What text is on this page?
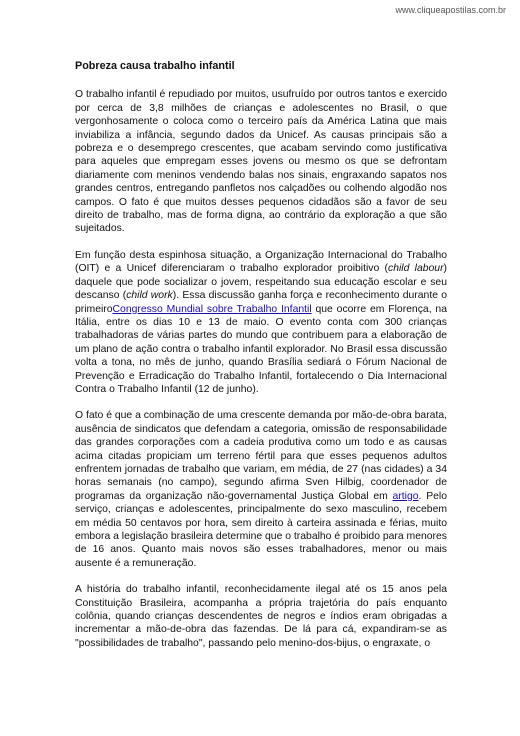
www.cliqueapostilas.com.br
Pobreza causa trabalho infantil

O trabalho infantil é repudiado por muitos, usufruído por outros tantos e exercido por cerca de 3,8 milhões de crianças e adolescentes no Brasil, o que vergonhosamente o coloca como o terceiro país da América Latina que mais inviabiliza a infância, segundo dados da Unicef. As causas principais são a pobreza e o desemprego crescentes, que acabam servindo como justificativa para aqueles que empregam esses jovens ou mesmo os que se defrontam diariamente com meninos vendendo balas nos sinais, engraxando sapatos nos grandes centros, entregando panfletos nos calçadões ou colhendo algodão nos campos. O fato é que muitos desses pequenos cidadãos são a favor de seu direito de trabalho, mas de forma digna, ao contrário da exploração a que são sujeitados.

Em função desta espinhosa situação, a Organização Internacional do Trabalho (OIT) e a Unicef diferenciaram o trabalho explorador proibitivo (child labour) daquele que pode socializar o jovem, respeitando sua educação escolar e seu descanso (child work). Essa discussão ganha força e reconhecimento durante o primeiroCongresso Mundial sobre Trabalho Infantil que ocorre em Florença, na Itália, entre os dias 10 e 13 de maio. O evento conta com 300 crianças trabalhadoras de várias partes do mundo que contribuem para a elaboração de um plano de ação contra o trabalho infantil explorador. No Brasil essa discussão volta a tona, no mês de junho, quando Brasília sediará o Fórum Nacional de Prevenção e Erradicação do Trabalho Infantil, fortalecendo o Dia Internacional Contra o Trabalho Infantil (12 de junho).

O fato é que a combinação de uma crescente demanda por mão-de-obra barata, ausência de sindicatos que defendam a categoria, omissão de responsabilidade das grandes corporações com a cadeia produtiva como um todo e as causas acima citadas propiciam um terreno fértil para que esses pequenos adultos enfrentem jornadas de trabalho que variam, em média, de 27 (nas cidades) a 34 horas semanais (no campo), segundo afirma Sven Hilbig, coordenador de programas da organização não-governamental Justiça Global em artigo. Pelo serviço, crianças e adolescentes, principalmente do sexo masculino, recebem em média 50 centavos por hora, sem direito à carteira assinada e férias, muito embora a legislação brasileira determine que o trabalho é proibido para menores de 16 anos. Quanto mais novos são esses trabalhadores, menor ou mais ausente é a remuneração.

A história do trabalho infantil, reconhecidamente ilegal até os 15 anos pela Constituição Brasileira, acompanha a própria trajetória do país enquanto colônia, quando crianças descendentes de negros e índios eram obrigadas a incrementar a mão-de-obra das fazendas. De lá para cá, expandiram-se as "possibilidades de trabalho", passando pelo menino-dos-bijus, o engraxate, o
